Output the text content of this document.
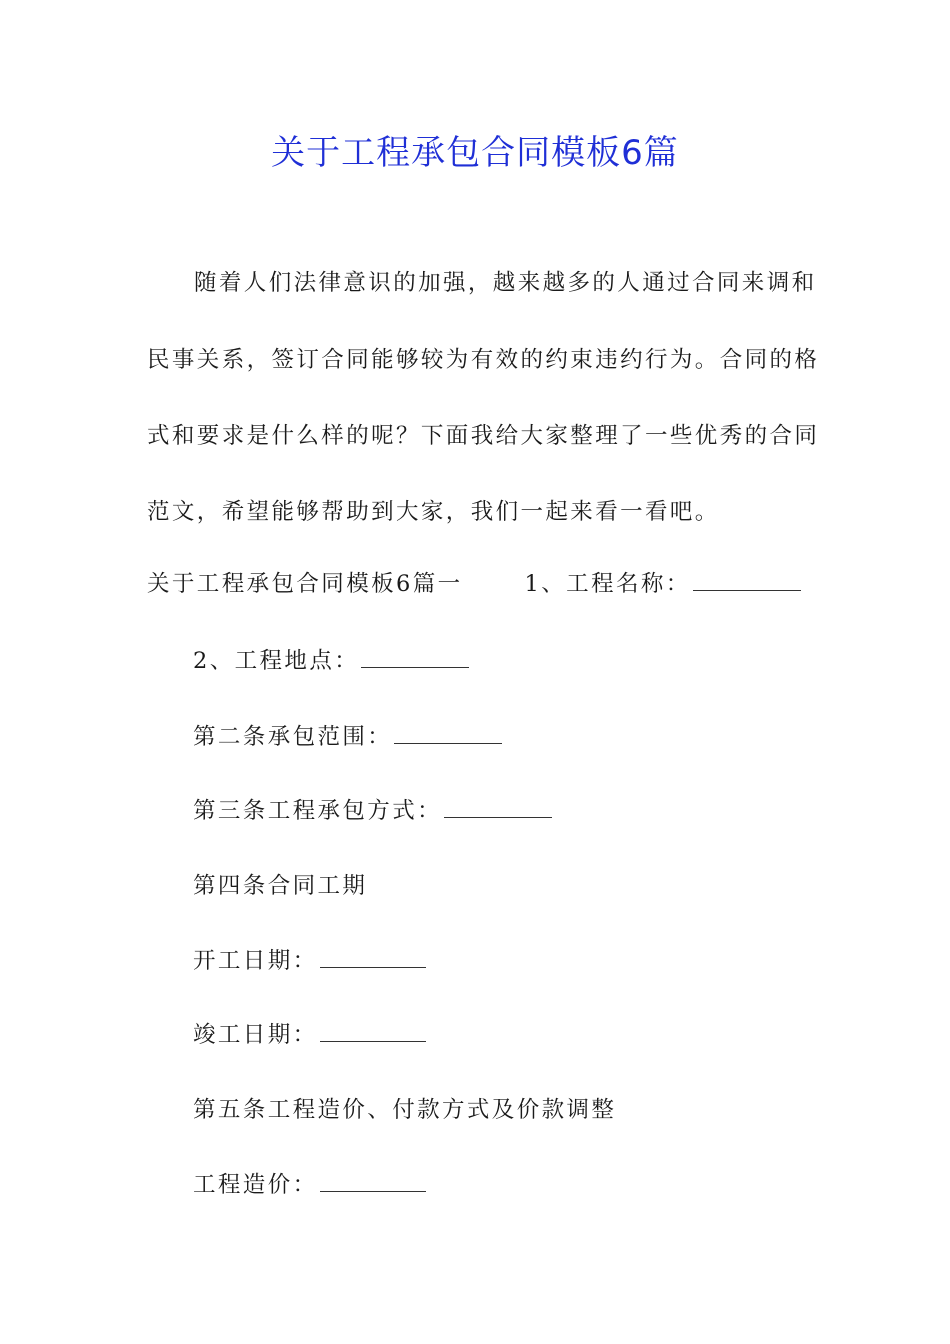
关于工程承包合同模板6篇
随着人们法律意识的加强，越来越多的人通过合同来调和
民事关系，签订合同能够较为有效的约束违约行为。合同的格
式和要求是什么样的呢？下面我给大家整理了一些优秀的合同
范文，希望能够帮助到大家，我们一起来看一看吧。
关于工程承包合同模板6篇一	1、工程名称：
2、工程地点：
第二条承包范围：
第三条工程承包方式：
第四条合同工期
开工日期：
竣工日期：
第五条工程造价、付款方式及价款调整
工程造价：
